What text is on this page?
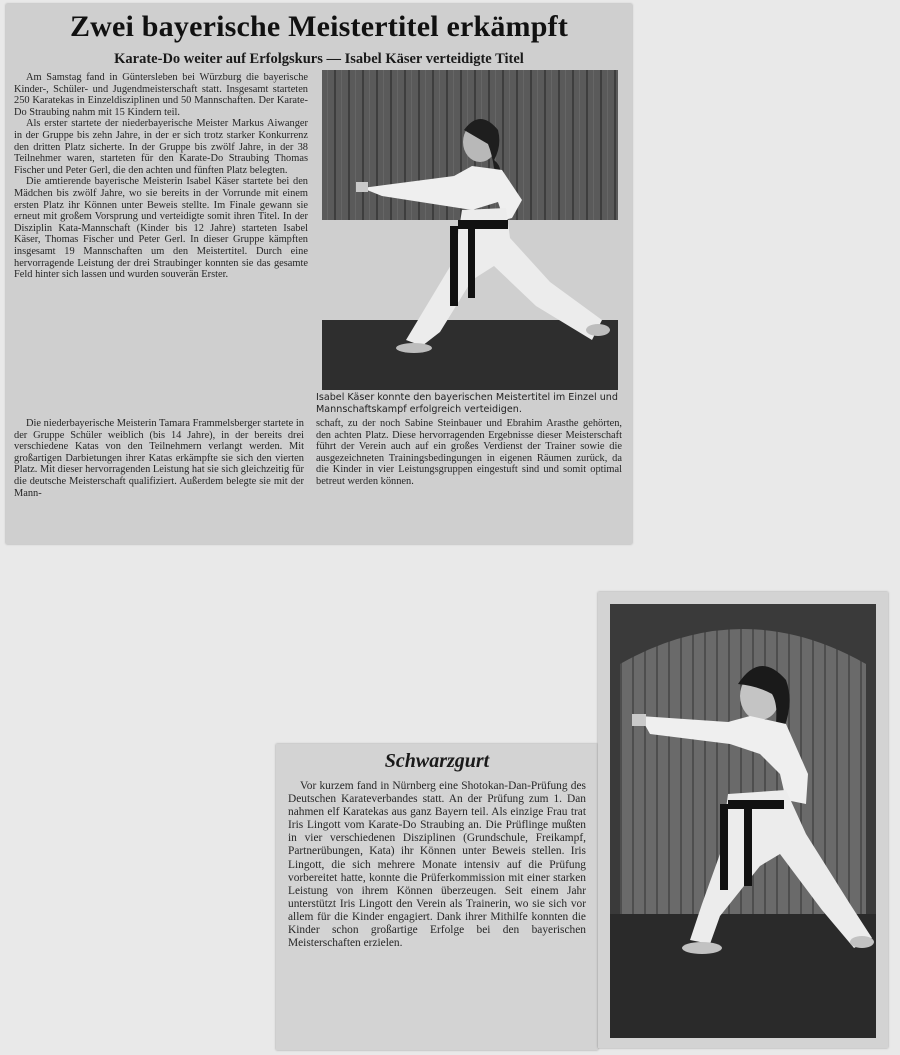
Zwei bayerische Meistertitel erkämpft
Karate-Do weiter auf Erfolgskurs — Isabel Käser verteidigte Titel

Am Samstag fand in Güntersleben bei Würzburg die bayerische Kinder-, Schüler- und Jugendmeisterschaft statt. Insgesamt starteten 250 Karatekas in Einzeldisziplinen und 50 Mannschaften. Der Karate-Do Straubing nahm mit 15 Kindern teil.

Als erster startete der niederbayerische Meister Markus Aiwanger in der Gruppe bis zehn Jahre, in der er sich trotz starker Konkurrenz den dritten Platz sicherte. In der Gruppe bis zwölf Jahre, in der 38 Teilnehmer waren, starteten für den Karate-Do Straubing Thomas Fischer und Peter Gerl, die den achten und fünften Platz belegten.

Die amtierende bayerische Meisterin Isabel Käser startete bei den Mädchen bis zwölf Jahre, wo sie bereits in der Vorrunde mit einem ersten Platz ihr Können unter Beweis stellte. Im Finale gewann sie erneut mit großem Vorsprung und verteidigte somit ihren Titel. In der Disziplin Kata-Mannschaft (Kinder bis 12 Jahre) starteten Isabel Käser, Thomas Fischer und Peter Gerl. In dieser Gruppe kämpften insgesamt 19 Mannschaften um den Meistertitel. Durch eine hervorragende Leistung der drei Straubinger konnten sie das gesamte Feld hinter sich lassen und wurden souverän Erster.

Isabel Käser konnte den bayerischen Meistertitel im Einzel und Mannschaftskampf erfolgreich verteidigen.

Die niederbayerische Meisterin Tamara Frammelsberger startete in der Gruppe Schüler weiblich (bis 14 Jahre), in der bereits drei verschiedene Katas von den Teilnehmern verlangt werden. Mit großartigen Darbietungen ihrer Katas erkämpfte sie sich den vierten Platz. Mit dieser hervorragenden Leistung hat sie sich gleichzeitig für die deutsche Meisterschaft qualifiziert. Außerdem belegte sie mit der Mann-

schaft, zu der noch Sabine Steinbauer und Ebrahim Arasthe gehörten, den achten Platz. Diese hervorragenden Ergebnisse dieser Meisterschaft führt der Verein auch auf ein großes Verdienst der Trainer sowie die ausgezeichneten Trainingsbedingungen in eigenen Räumen zurück, da die Kinder in vier Leistungsgruppen eingestuft sind und somit optimal betreut werden können.

Schwarzgurt

Vor kurzem fand in Nürnberg eine Shotokan-Dan-Prüfung des Deutschen Karateverbandes statt. An der Prüfung zum 1. Dan nahmen elf Karatekas aus ganz Bayern teil. Als einzige Frau trat Iris Lingott vom Karate-Do Straubing an. Die Prüflinge mußten in vier verschiedenen Disziplinen (Grundschule, Freikampf, Partnerübungen, Kata) ihr Können unter Beweis stellen. Iris Lingott, die sich mehrere Monate intensiv auf die Prüfung vorbereitet hatte, konnte die Prüferkommission mit einer starken Leistung von ihrem Können überzeugen. Seit einem Jahr unterstützt Iris Lingott den Verein als Trainerin, wo sie sich vor allem für die Kinder engagiert. Dank ihrer Mithilfe konnten die Kinder schon großartige Erfolge bei den bayerischen Meisterschaften erzielen.
